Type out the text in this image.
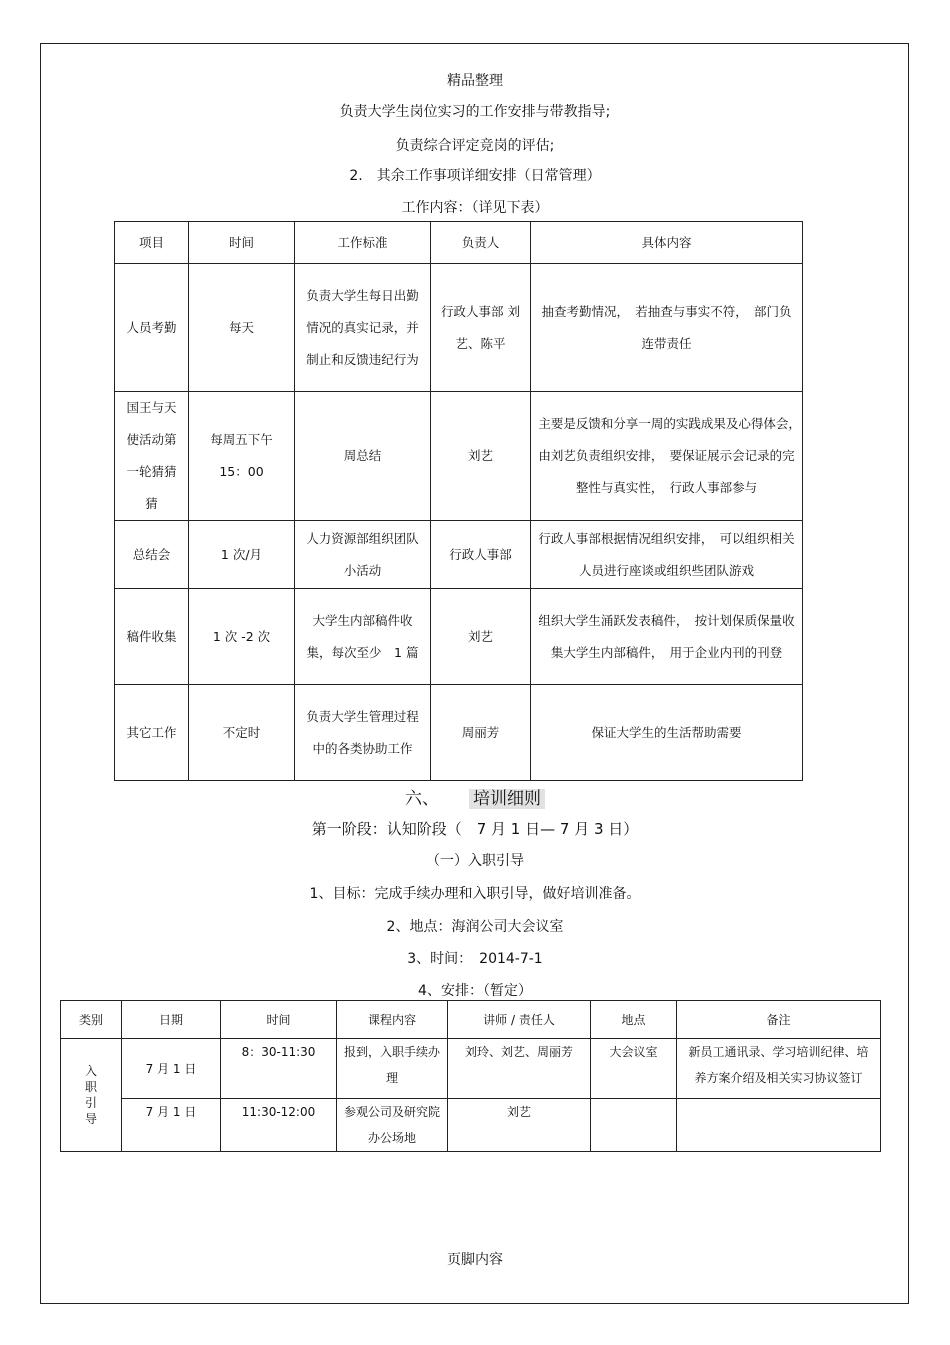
精品整理
负责大学生岗位实习的工作安排与带教指导;
负责综合评定竞岗的评估;
2.　其余工作事项详细安排（日常管理）
工作内容：（详见下表）
项目	时间	工作标准	负责人	具体内容
人员考勤	每天	负责大学生每日出勤情况的真实记录，并制止和反馈违纪行为	行政人事部 刘艺、陈平	抽查考勤情况，　若抽查与事实不符，　部门负连带责任
国王与天使活动第一轮猜猜猜	每周五下午 15：00	周总结	刘艺	主要是反馈和分享一周的实践成果及心得体会，　由刘艺负责组织安排，　要保证展示会记录的完整性与真实性，　行政人事部参与
总结会	1 次/月	人力资源部组织团队小活动	行政人事部	行政人事部根据情况组织安排，　可以组织相关人员进行座谈或组织些团队游戏
稿件收集	1 次 -2 次	大学生内部稿件收集，每次至少　1 篇	刘艺	组织大学生涌跃发表稿件，　按计划保质保量收集大学生内部稿件，　用于企业内刊的刊登
其它工作	不定时	负责大学生管理过程中的各类协助工作	周丽芳	保证大学生的生活帮助需要
六、 培训细则
第一阶段：认知阶段（　7 月 1 日— 7 月 3 日）
（一）入职引导
1、目标：完成手续办理和入职引导，做好培训准备。
2、地点：海润公司大会议室
3、时间：　2014-7-1
4、安排：（暂定）
类别	日期	时间	课程内容	讲师 / 责任人	地点	备注

入职引导	7 月 1 日	8：30-11:30	报到，入职手续办理	刘玲、刘艺、周丽芳	大会议室	新员工通讯录、学习培训纪律、培养方案介绍及相关实习协议签订
	7 月 1 日	11:30-12:00	参观公司及研究院办公场地	刘艺		
页脚内容
